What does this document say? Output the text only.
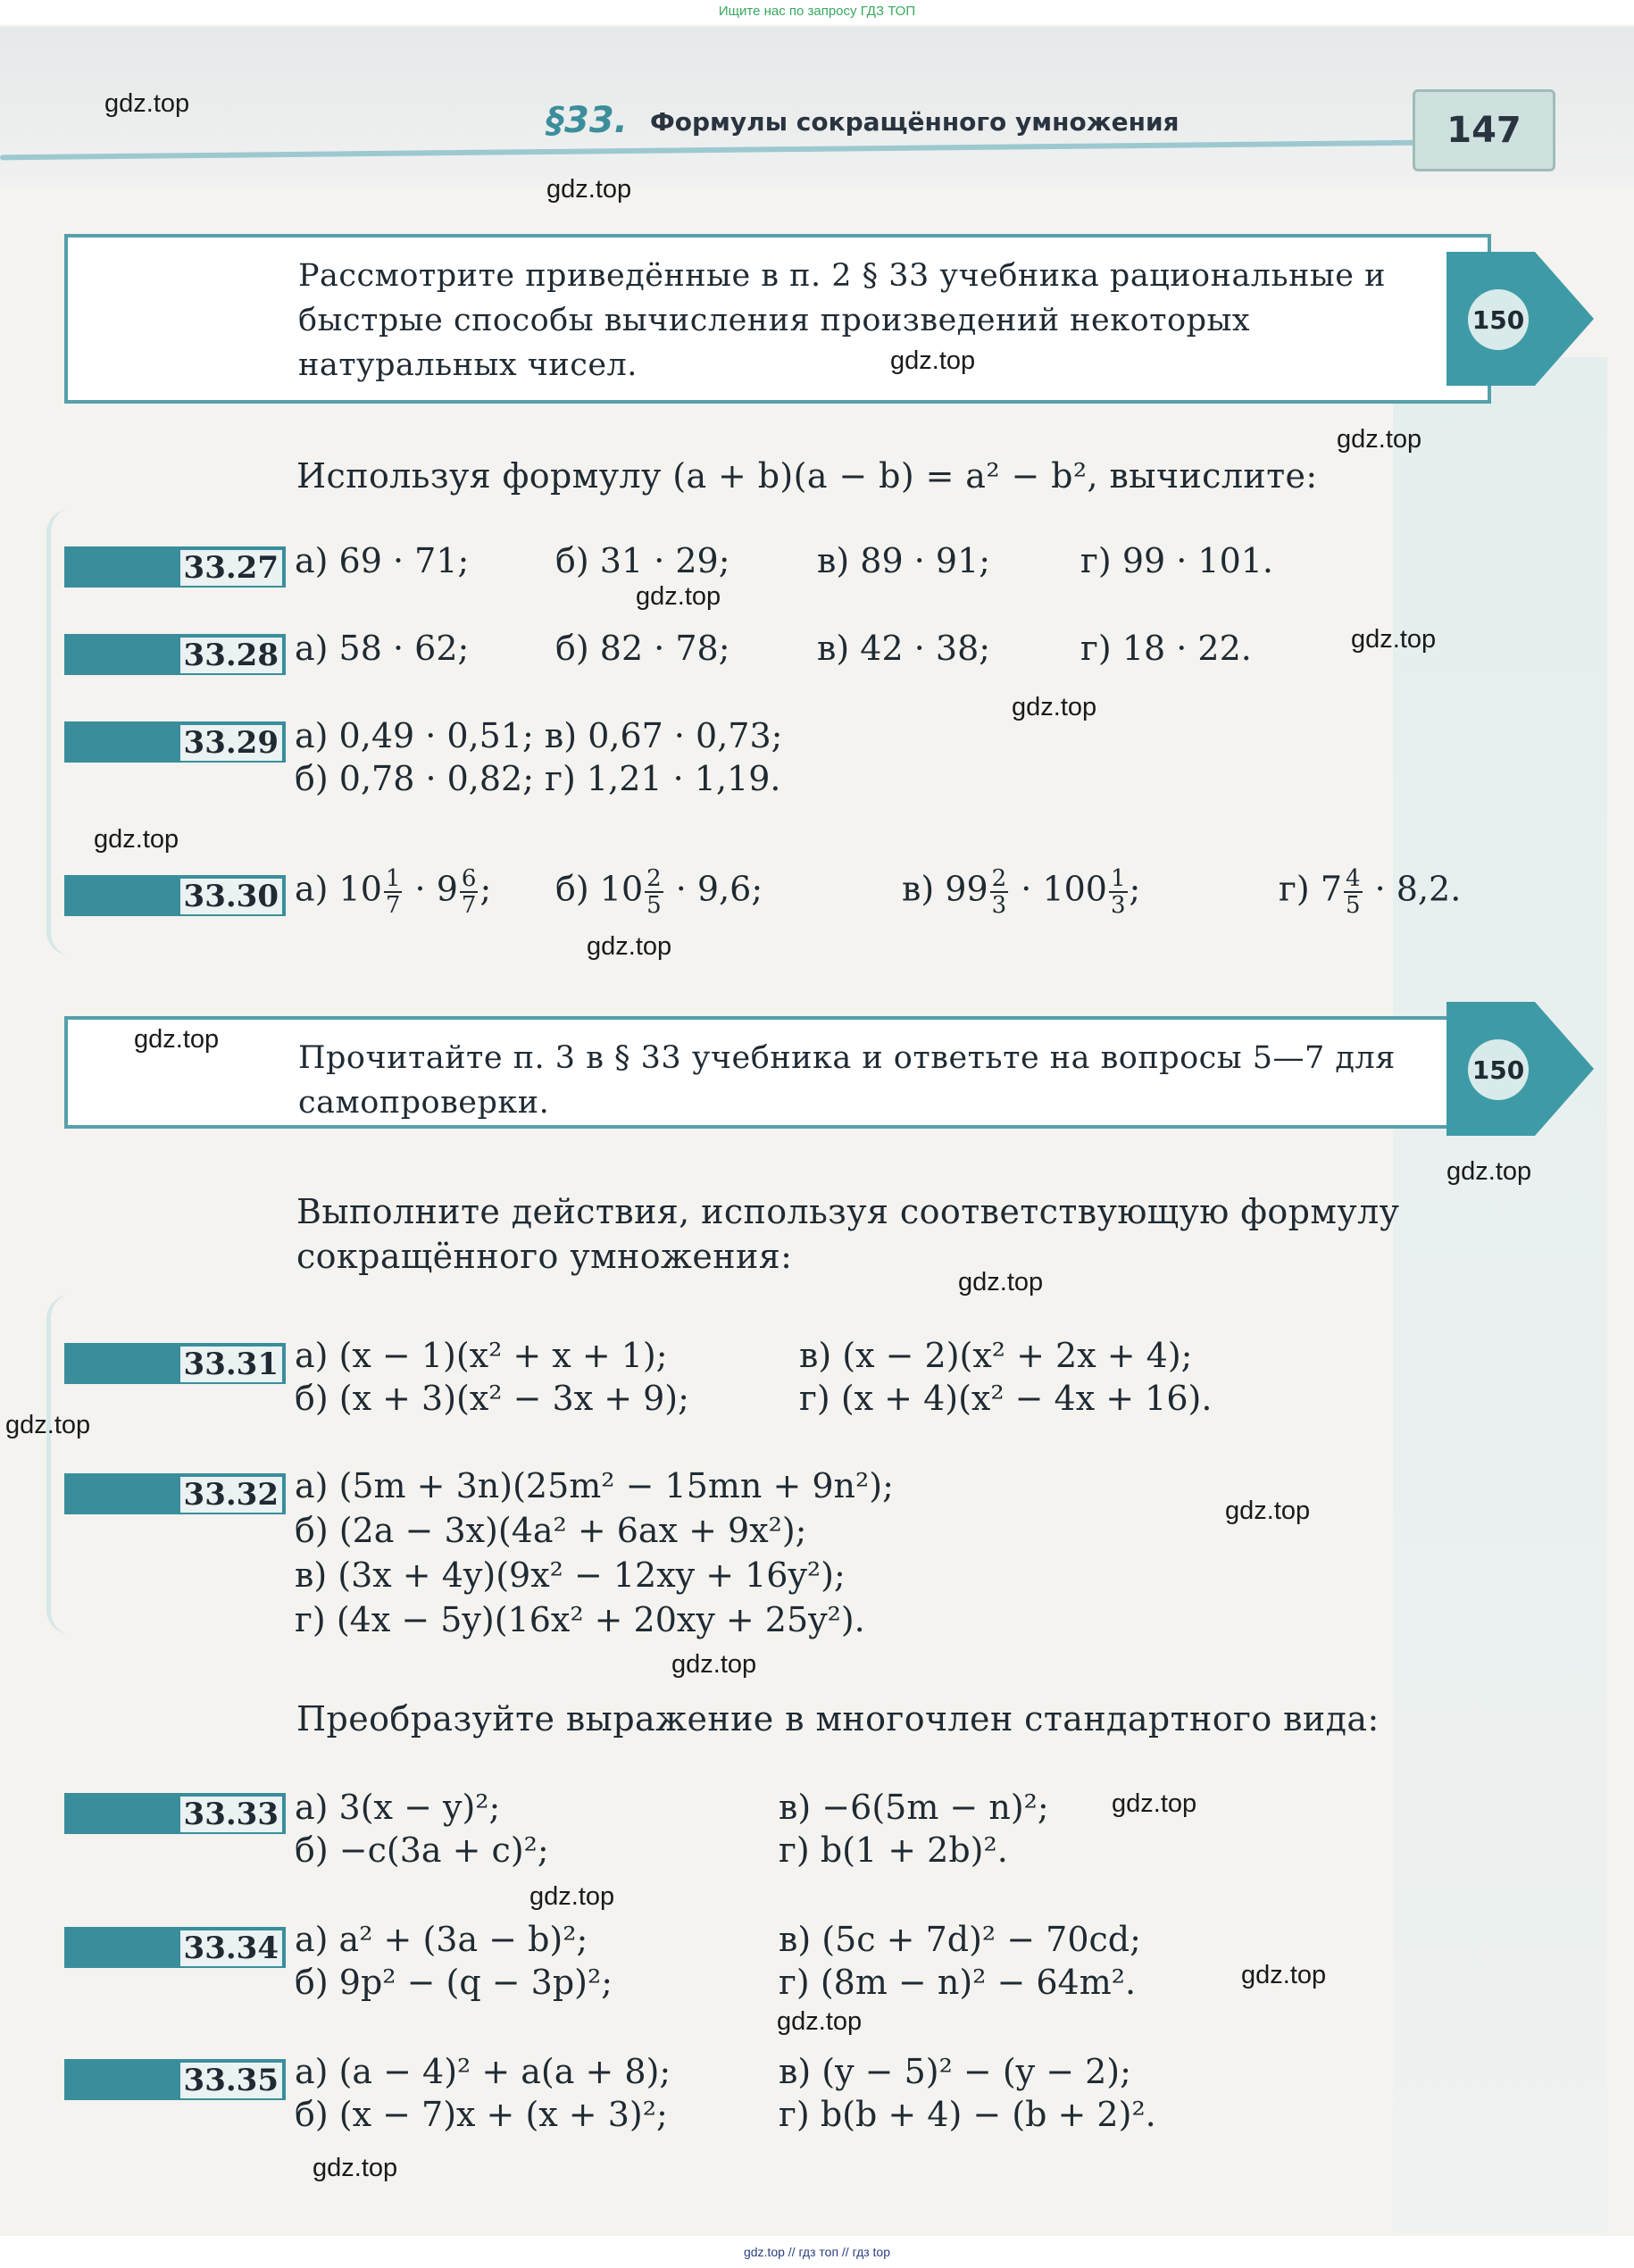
Ищите нас по запросу ГДЗ ТОП
§33. Формулы сокращённого умножения	147
Рассмотрите приведённые в п. 2 § 33 учебника рациональные и быстрые способы вычисления произведений некоторых натуральных чисел.
150
Используя формулу (a + b)(a − b) = a² − b², вычислите:
33.27 а) 69 · 71;	б) 31 · 29;	в) 89 · 91;	г) 99 · 101.
33.28 а) 58 · 62;	б) 82 · 78;	в) 42 · 38;	г) 18 · 22.
33.29 а) 0,49 · 0,51; в) 0,67 · 0,73;
б) 0,78 · 0,82; г) 1,21 · 1,19.
33.30 а) $10 \frac{1}{7} \cdot 9 \frac{6}{7}$ ; б) $10 \frac{2}{5} \cdot 9,6$;	в) $99 \frac{2}{3} \cdot 100 \frac{1}{3}$ ;	г) $7 \frac{4}{5} \cdot 8,2$.
Прочитайте п. 3 в § 33 учебника и ответьте на вопросы 5—7 для самопроверки.
150
Выполните действия, используя соответствующую формулу сокращённого умножения:
33.31 а) (x − 1)(x² + x + 1);	в) (x − 2)(x² + 2x + 4);
б) (x + 3)(x² − 3x + 9);	г) (x + 4)(x² − 4x + 16).
33.32 а) (5m + 3n)(25m² − 15mn + 9n²);
б) (2a − 3x)(4a² + 6ax + 9x²);
в) (3x + 4y)(9x² − 12xy + 16y²);
г) (4x − 5y)(16x² + 20xy + 25y²).
Преобразуйте выражение в многочлен стандартного вида:
33.33 а) 3(x − y)²;	в) −6(5m − n)²;
б) −c(3a + c)²;	г) b(1 + 2b)².
33.34 а) a² + (3a − b)²;	в) (5c + 7d)² − 70cd;
б) 9p² − (q − 3p)²;	г) (8m − n)² − 64m².
33.35 а) (a − 4)² + a(a + 8);	в) (y − 5)² − (y − 2);
б) (x − 7)x + (x + 3)²;	г) b(b + 4) − (b + 2)².
gdz.top
gdz.top
gdz.top
gdz.top
gdz.top
gdz.top
gdz.top
gdz.top
gdz.top
gdz.top
gdz.top
gdz.top
gdz.top
gdz.top
gdz.top
gdz.top
gdz.top
gdz.top
gdz.top
gdz.top
gdz.top // гдз топ // гдз top
